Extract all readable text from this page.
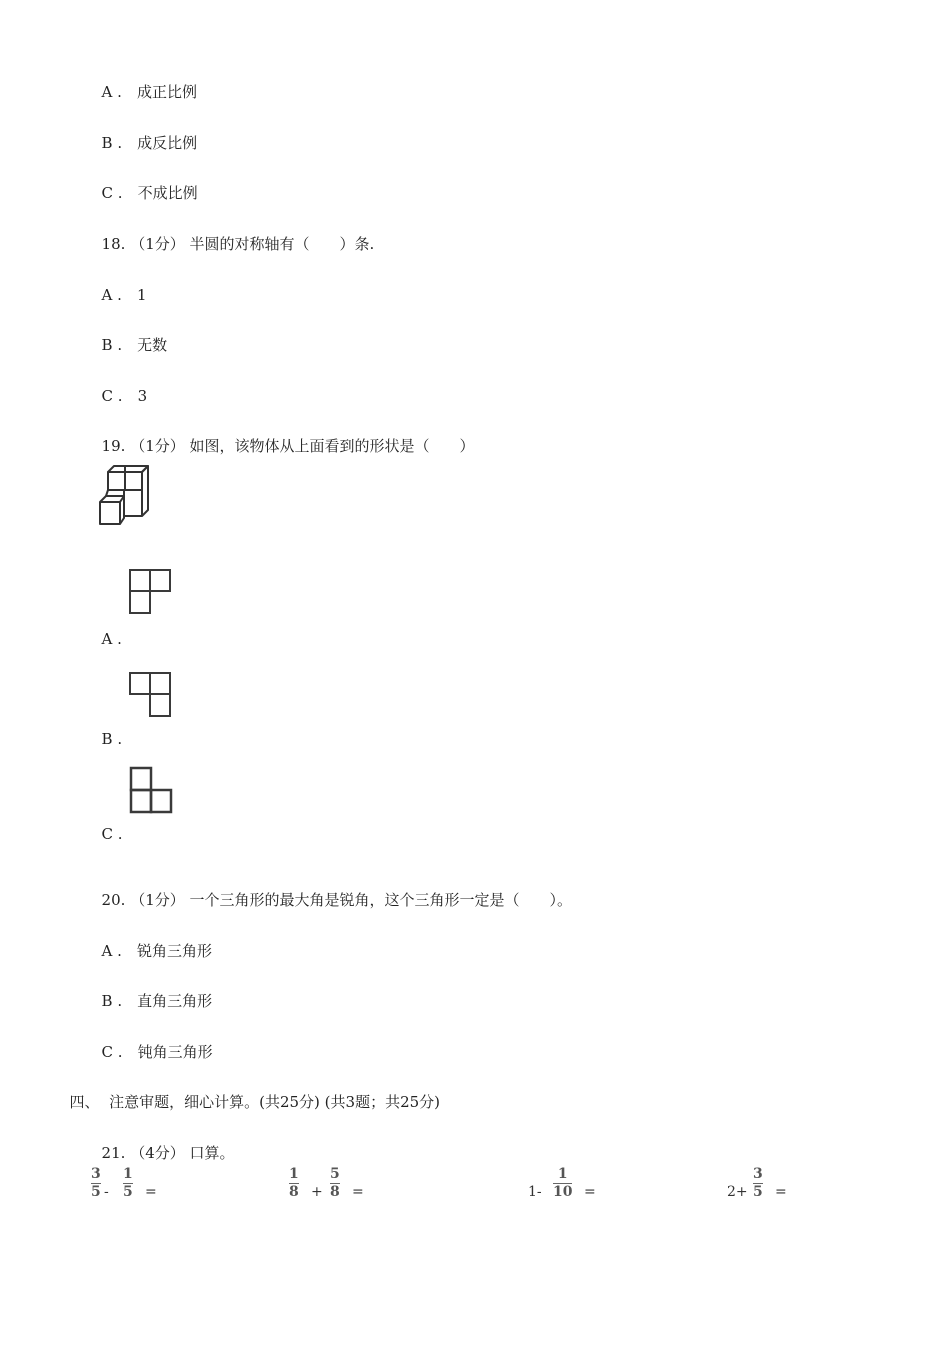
A .　 成正比例

B .　 成反比例

C .　 不成比例

18. （1分） 半圆的对称轴有（　　）条.

A .　 1

B .　 无数

C .　 3

19. （1分） 如图，该物体从上面看到的形状是（　　）

A .

B .

C .

20. （1分） 一个三角形的最大角是锐角，这个三角形一定是（　　）。

A .　 锐角三角形

B .　 直角三角形

C .　 钝角三角形

四、 注意审题，细心计算。(共25分) (共3题；共25分)

21. （4分） 口算。

3
5 -
1
5 =
1
8 +
5
8 =	1-
1
10 =	2+
3
5 =
